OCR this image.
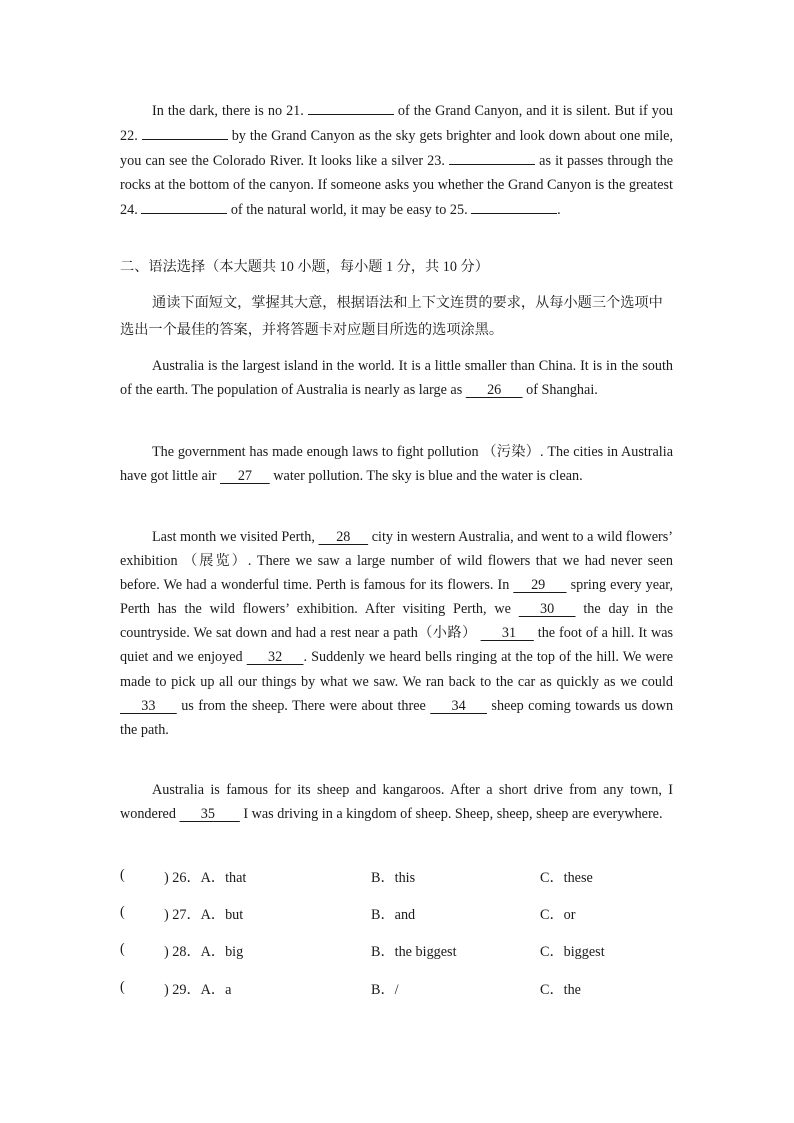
In the dark, there is no 21.	of the Grand Canyon, and it is silent. But if you 22.	by the Grand Canyon as the sky gets brighter and look down about one mile, you can see the Colorado River. It looks like a silver 23.	as it passes through the rocks at the bottom of the canyon. If someone asks you whether the Grand Canyon is the greatest 24.	of the natural world, it may be easy to 25.	.

二、语法选择（本大题共 10 小题，每小题 1 分，共 10 分）
通读下面短文，掌握其大意，根据语法和上下文连贯的要求，从每小题三个选项中选出一个最佳的答案，并将答题卡对应题目所选的选项涂黑。

Australia is the largest island in the world. It is a little smaller than China. It is in the south of the earth. The population of Australia is nearly as large as       26       of Shanghai.

The government has made enough laws to fight pollution （污染）. The cities in Australia have got little air      27      water pollution. The sky is blue and the water is clean.

Last month we visited Perth,      28      city in western Australia, and went to a wild flowers’ exhibition （展览）. There we saw a large number of wild flowers that we had never seen before. We had a wonderful time. Perth is famous for its flowers. In      29       spring every year, Perth has the wild flowers’ exhibition. After visiting Perth, we       30       the day in the countryside. We sat down and had a rest near a path（小路）       31      the foot of a hill. It was quiet and we enjoyed       32      . Suddenly we heard bells ringing at the top of the hill. We were made to pick up all our things by what we saw. We ran back to the car as quickly as we could       33       us from the sheep. There were about three       34       sheep coming towards us down the path.

Australia is famous for its sheep and kangaroos. After a short drive from any town, I wondered       35        I was driving in a kingdom of sheep. Sheep, sheep, sheep are everywhere.

(	) 26．A．that	B．this	C．these
(	) 27．A．but	B．and	C．or
(	) 28．A．big	B．the biggest	C．biggest
(	) 29．A．a	B．/	C．the
